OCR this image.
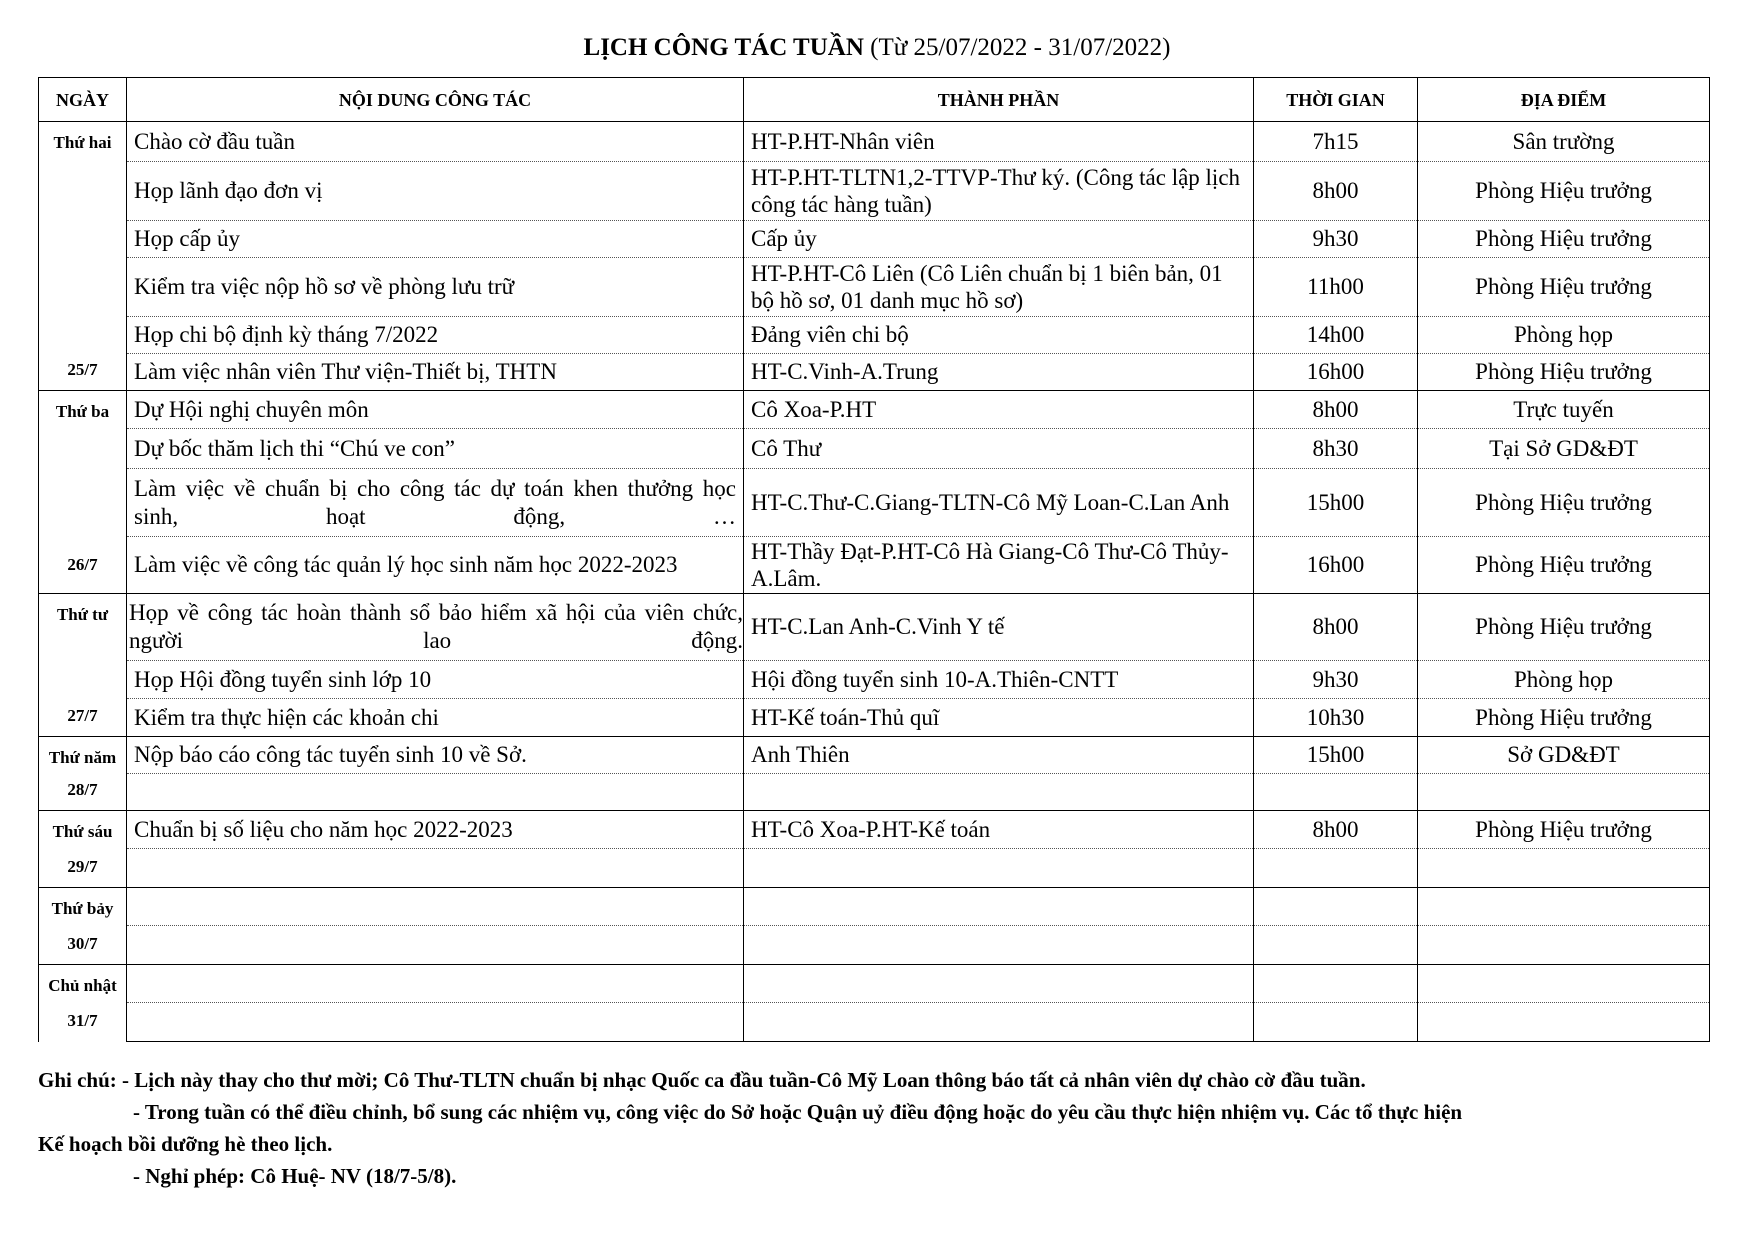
LỊCH CÔNG TÁC TUẦN (Từ 25/07/2022 - 31/07/2022)
NGÀY	NỘI DUNG CÔNG TÁC	THÀNH PHẦN	THỜI GIAN	ĐỊA ĐIỂM

Thứ hai
25/7	Chào cờ đầu tuần	HT-P.HT-Nhân viên	7h15	Sân trường
	Họp lãnh đạo đơn vị	HT-P.HT-TLTN1,2-TTVP-Thư ký. (Công tác lập lịch công tác hàng tuần)	8h00	Phòng Hiệu trưởng
	Họp cấp ủy	Cấp ủy	9h30	Phòng Hiệu trưởng
	Kiểm tra việc nộp hồ sơ về phòng lưu trữ	HT-P.HT-Cô Liên (Cô Liên chuẩn bị 1 biên bản, 01 bộ hồ sơ, 01 danh mục hồ sơ)	11h00	Phòng Hiệu trưởng
	Họp chi bộ định kỳ tháng 7/2022	Đảng viên chi bộ	14h00	Phòng họp
	Làm việc nhân viên Thư viện-Thiết bị, THTN	HT-C.Vinh-A.Trung	16h00	Phòng Hiệu trưởng

Thứ ba
26/7	Dự Hội nghị chuyên môn	Cô Xoa-P.HT	8h00	Trực tuyến
	Dự bốc thăm lịch thi “Chú ve con”	Cô Thư	8h30	Tại Sở GD&ĐT
	Làm việc về chuẩn bị cho công tác dự toán khen thưởng học sinh, hoạt động, …	HT-C.Thư-C.Giang-TLTN-Cô Mỹ Loan-C.Lan Anh	15h00	Phòng Hiệu trưởng
	Làm việc về công tác quản lý học sinh năm học 2022-2023	HT-Thầy Đạt-P.HT-Cô Hà Giang-Cô Thư-Cô Thủy-A.Lâm.	16h00	Phòng Hiệu trưởng

Thứ tư
27/7	Họp về công tác hoàn thành sổ bảo hiểm xã hội của viên chức, người lao động.	HT-C.Lan Anh-C.Vinh Y tế	8h00	Phòng Hiệu trưởng
	Họp Hội đồng tuyển sinh lớp 10	Hội đồng tuyển sinh 10-A.Thiên-CNTT	9h30	Phòng họp
	Kiểm tra thực hiện các khoản chi	HT-Kế toán-Thủ quĩ	10h30	Phòng Hiệu trưởng

Thứ năm
28/7	Nộp báo cáo công tác tuyển sinh 10 về Sở.	Anh Thiên	15h00	Sở GD&ĐT

Thứ sáu
29/7	Chuẩn bị số liệu cho năm học 2022-2023	HT-Cô Xoa-P.HT-Kế toán	8h00	Phòng Hiệu trưởng

Thứ bảy
30/7				

Chủ nhật
31/7				

Ghi chú: - Lịch này thay cho thư mời; Cô Thư-TLTN chuẩn bị nhạc Quốc ca đầu tuần-Cô Mỹ Loan thông báo tất cả nhân viên dự chào cờ đầu tuần.

- Trong tuần có thể điều chỉnh, bổ sung các nhiệm vụ, công việc do Sở hoặc Quận uỷ điều động hoặc do yêu cầu thực hiện nhiệm vụ. Các tổ thực hiện

Kế hoạch bồi dưỡng hè theo lịch.

- Nghỉ phép: Cô Huệ- NV (18/7-5/8).
